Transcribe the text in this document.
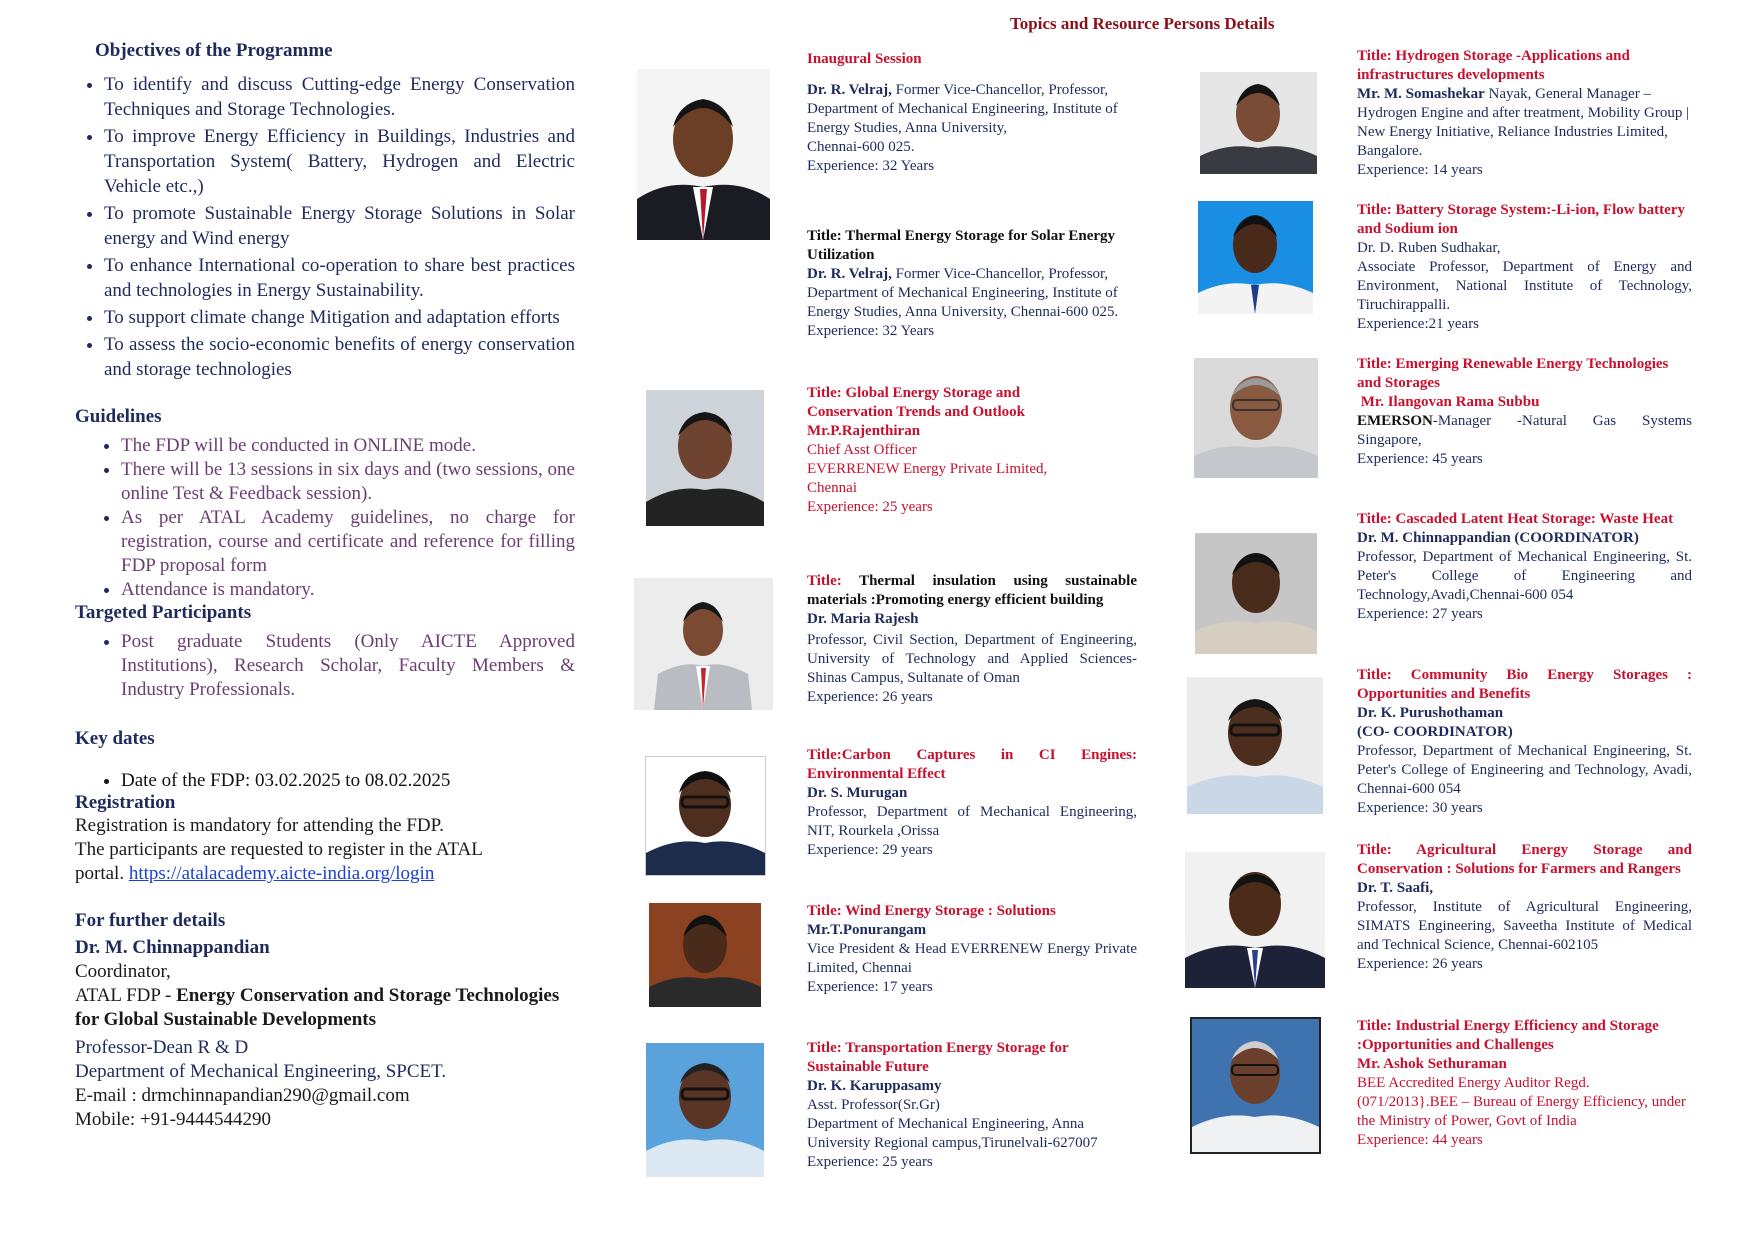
Objectives of the Programme
• To identify and discuss Cutting-edge Energy Conservation Techniques and Storage Technologies.
• To improve Energy Efficiency in Buildings, Industries and Transportation System( Battery, Hydrogen and Electric Vehicle etc.,)
• To promote Sustainable Energy Storage Solutions in Solar energy and Wind energy
• To enhance International co-operation to share best practices and technologies in Energy Sustainability.
• To support climate change Mitigation and adaptation efforts
• To assess the socio-economic benefits of energy conservation and storage technologies
Guidelines
• The FDP will be conducted in ONLINE mode.
• There will be 13 sessions in six days and (two sessions, one online Test & Feedback session).
• As per ATAL Academy guidelines, no charge for registration, course and certificate and reference for filling FDP proposal form
• Attendance is mandatory.
Targeted Participants
• Post graduate Students (Only AICTE Approved Institutions), Research Scholar, Faculty Members & Industry Professionals.
Key dates
• Date of the FDP: 03.02.2025 to 08.02.2025
Registration
Registration is mandatory for attending the FDP.
The participants are requested to register in the ATAL
portal. https://atalacademy.aicte-india.org/login
For further details
Dr. M. Chinnappandian
Coordinator,
ATAL FDP - Energy Conservation and Storage Technologies for Global Sustainable Developments
Professor-Dean R & D
Department of Mechanical Engineering, SPCET.
E-mail : drmchinnapandian290@gmail.com
Mobile: +91-9444544290
Topics and Resource Persons Details

Inaugural Session

Dr. R. Velraj, Former Vice-Chancellor, Professor, Department of Mechanical Engineering, Institute of Energy Studies, Anna University,

Chennai-600 025.

Experience: 32 Years

Title: Thermal Energy Storage for Solar Energy Utilization

Dr. R. Velraj, Former Vice-Chancellor, Professor, Department of Mechanical Engineering, Institute of Energy Studies, Anna University, Chennai-600 025.

Experience: 32 Years

Title: Global Energy Storage and Conservation Trends and Outlook

Mr.P.Rajenthiran

Chief Asst Officer

EVERRENEW Energy Private Limited, Chennai

Experience: 25 years

Title: Thermal insulation using sustainable materials :Promoting energy efficient building

Dr. Maria Rajesh

Professor, Civil Section, Department of Engineering, University of Technology and Applied Sciences-Shinas Campus, Sultanate of Oman

Experience: 26 years

Title:Carbon Captures in CI Engines: Environmental Effect

Dr. S. Murugan

Professor, Department of Mechanical Engineering, NIT, Rourkela ,Orissa

Experience: 29 years

Title: Wind Energy Storage : Solutions

Mr.T.Ponurangam

Vice President & Head EVERRENEW Energy Private Limited, Chennai

Experience: 17 years

Title: Transportation Energy Storage for Sustainable Future

Dr. K. Karuppasamy

Asst. Professor(Sr.Gr)

Department of Mechanical Engineering, Anna University Regional campus,Tirunelvali-627007

Experience: 25 years

Title: Hydrogen Storage -Applications and infrastructures developments

Mr. M. Somashekar Nayak, General Manager – Hydrogen Engine and after treatment, Mobility Group | New Energy Initiative, Reliance Industries Limited, Bangalore.

Experience: 14 years

Title: Battery Storage System:-Li-ion, Flow battery and Sodium ion

Dr. D. Ruben Sudhakar,

Associate Professor, Department of Energy and Environment, National Institute of Technology, Tiruchirappalli.

Experience:21 years

Title: Emerging Renewable Energy Technologies and Storages

Mr. Ilangovan Rama Subbu

EMERSON-Manager -Natural Gas Systems Singapore,

Experience: 45 years

Title: Cascaded Latent Heat Storage: Waste Heat

Dr. M. Chinnappandian (COORDINATOR)

Professor, Department of Mechanical Engineering, St. Peter's College of Engineering and Technology,Avadi,Chennai-600 054

Experience: 27 years

Title: Community Bio Energy Storages : Opportunities and Benefits

Dr. K. Purushothaman

(CO- COORDINATOR)

Professor, Department of Mechanical Engineering, St. Peter's College of Engineering and Technology, Avadi, Chennai-600 054

Experience: 30 years

Title: Agricultural Energy Storage and Conservation : Solutions for Farmers and Rangers

Dr. T. Saafi,

Professor, Institute of Agricultural Engineering, SIMATS Engineering, Saveetha Institute of Medical and Technical Science, Chennai-602105

Experience: 26 years

Title: Industrial Energy Efficiency and Storage :Opportunities and Challenges

Mr. Ashok Sethuraman

BEE Accredited Energy Auditor Regd. (071/2013}.BEE – Bureau of Energy Efficiency, under the Ministry of Power, Govt of India

Experience: 44 years
